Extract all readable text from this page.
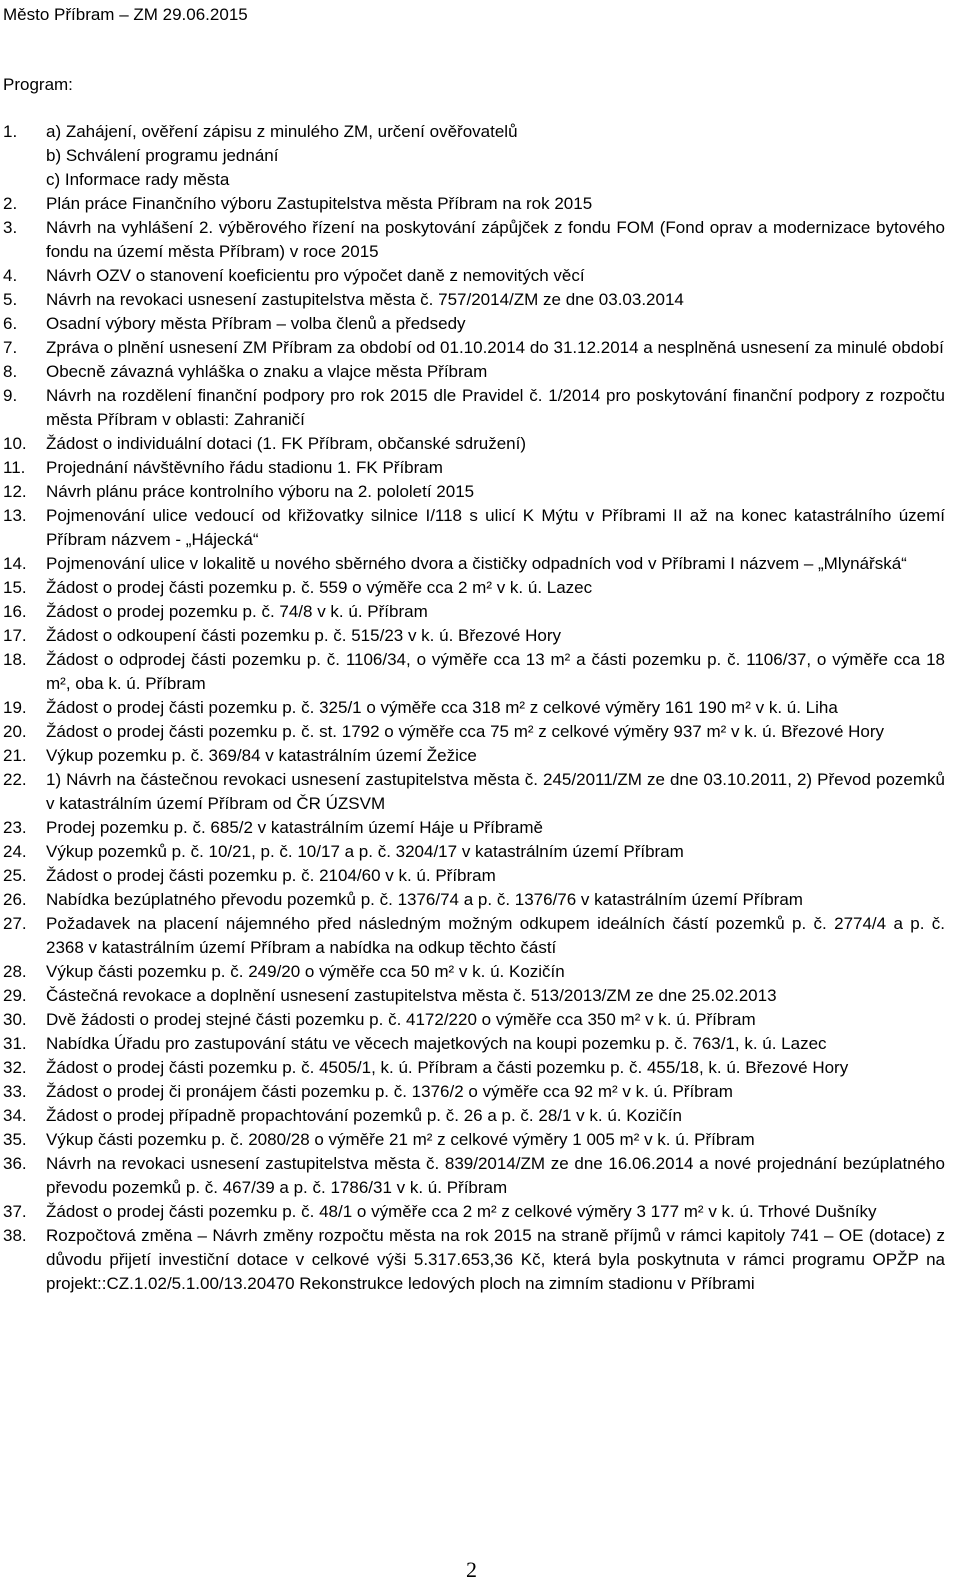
Město Příbram – ZM 29.06.2015
Program:
1. a) Zahájení, ověření zápisu z minulého ZM, určení ověřovatelů
b) Schválení programu jednání
c) Informace rady města
2. Plán práce Finančního výboru Zastupitelstva města Příbram na rok 2015
3. Návrh na vyhlášení 2. výběrového řízení na poskytování zápůjček z fondu FOM (Fond oprav a modernizace bytového fondu na území města Příbram) v roce 2015
4. Návrh OZV o stanovení koeficientu pro výpočet daně z nemovitých věcí
5. Návrh na revokaci usnesení zastupitelstva města č. 757/2014/ZM ze dne 03.03.2014
6. Osadní výbory města Příbram – volba členů a předsedy
7. Zpráva o plnění usnesení ZM Příbram za období od 01.10.2014 do 31.12.2014 a nesplněná usnesení za minulé období
8. Obecně závazná vyhláška o znaku a vlajce města Příbram
9. Návrh na rozdělení finanční podpory pro rok 2015 dle Pravidel č. 1/2014 pro poskytování finanční podpory z rozpočtu města Příbram v oblasti: Zahraničí
10. Žádost o individuální dotaci (1. FK Příbram, občanské sdružení)
11. Projednání návštěvního řádu stadionu 1. FK Příbram
12. Návrh plánu práce kontrolního výboru na 2. pololetí 2015
13. Pojmenování ulice vedoucí od křižovatky silnice I/118 s ulicí K Mýtu v Příbrami II až na konec katastrálního území Příbram názvem - „Hájecká“
14. Pojmenování ulice v lokalitě u nového sběrného dvora a čističky odpadních vod v Příbrami I názvem – „Mlynářská“
15. Žádost o prodej části pozemku p. č. 559 o výměře cca 2 m² v k. ú. Lazec
16. Žádost o prodej pozemku p. č. 74/8 v k. ú. Příbram
17. Žádost o odkoupení části pozemku p. č. 515/23 v k. ú. Březové Hory
18. Žádost o odprodej části pozemku p. č. 1106/34, o výměře cca 13 m² a části pozemku p. č. 1106/37, o výměře cca 18 m², oba k. ú. Příbram
19. Žádost o prodej části pozemku p. č. 325/1 o výměře cca 318 m² z celkové výměry 161 190 m² v k. ú. Liha
20. Žádost o prodej části pozemku p. č. st. 1792 o výměře cca 75 m² z celkové výměry 937 m² v k. ú. Březové Hory
21. Výkup pozemku p. č. 369/84 v katastrálním území Žežice
22. 1) Návrh na částečnou revokaci usnesení zastupitelstva města č. 245/2011/ZM ze dne 03.10.2011, 2) Převod pozemků v katastrálním území Příbram od ČR ÚZSVM
23. Prodej pozemku p. č. 685/2 v katastrálním území Háje u Příbramě
24. Výkup pozemků p. č. 10/21, p. č. 10/17 a p. č. 3204/17 v katastrálním území Příbram
25. Žádost o prodej části pozemku p. č. 2104/60 v k. ú. Příbram
26. Nabídka bezúplatného převodu pozemků p. č. 1376/74 a p. č. 1376/76 v katastrálním území Příbram
27. Požadavek na placení nájemného před následným možným odkupem ideálních částí pozemků p. č. 2774/4 a p. č. 2368 v katastrálním území Příbram a nabídka na odkup těchto částí
28. Výkup části pozemku p. č. 249/20 o výměře cca 50 m² v k. ú. Kozičín
29. Částečná revokace a doplnění usnesení zastupitelstva města č. 513/2013/ZM ze dne 25.02.2013
30. Dvě žádosti o prodej stejné části pozemku p. č. 4172/220 o výměře cca 350 m² v k. ú. Příbram
31. Nabídka Úřadu pro zastupování státu ve věcech majetkových na koupi pozemku p. č. 763/1, k. ú. Lazec
32. Žádost o prodej části pozemku p. č. 4505/1, k. ú. Příbram a části pozemku p. č. 455/18, k. ú. Březové Hory
33. Žádost o prodej či pronájem části pozemku p. č. 1376/2 o výměře cca 92 m² v k. ú. Příbram
34. Žádost o prodej případně propachtování pozemků p. č. 26 a p. č. 28/1 v k. ú. Kozičín
35. Výkup části pozemku p. č. 2080/28 o výměře 21 m² z celkové výměry 1 005 m² v k. ú. Příbram
36. Návrh na revokaci usnesení zastupitelstva města č. 839/2014/ZM ze dne 16.06.2014 a nové projednání bezúplatného převodu pozemků p. č. 467/39 a p. č. 1786/31 v k. ú. Příbram
37. Žádost o prodej části pozemku p. č. 48/1 o výměře cca 2 m² z celkové výměry 3 177 m² v k. ú. Trhové Dušníky
38. Rozpočtová změna – Návrh změny rozpočtu města na rok 2015 na straně příjmů v rámci kapitoly 741 – OE (dotace) z důvodu přijetí investiční dotace v celkové výši 5.317.653,36 Kč, která byla poskytnuta v rámci programu OPŽP na projekt::CZ.1.02/5.1.00/13.20470 Rekonstrukce ledových ploch na zimním stadionu v Příbrami
2
